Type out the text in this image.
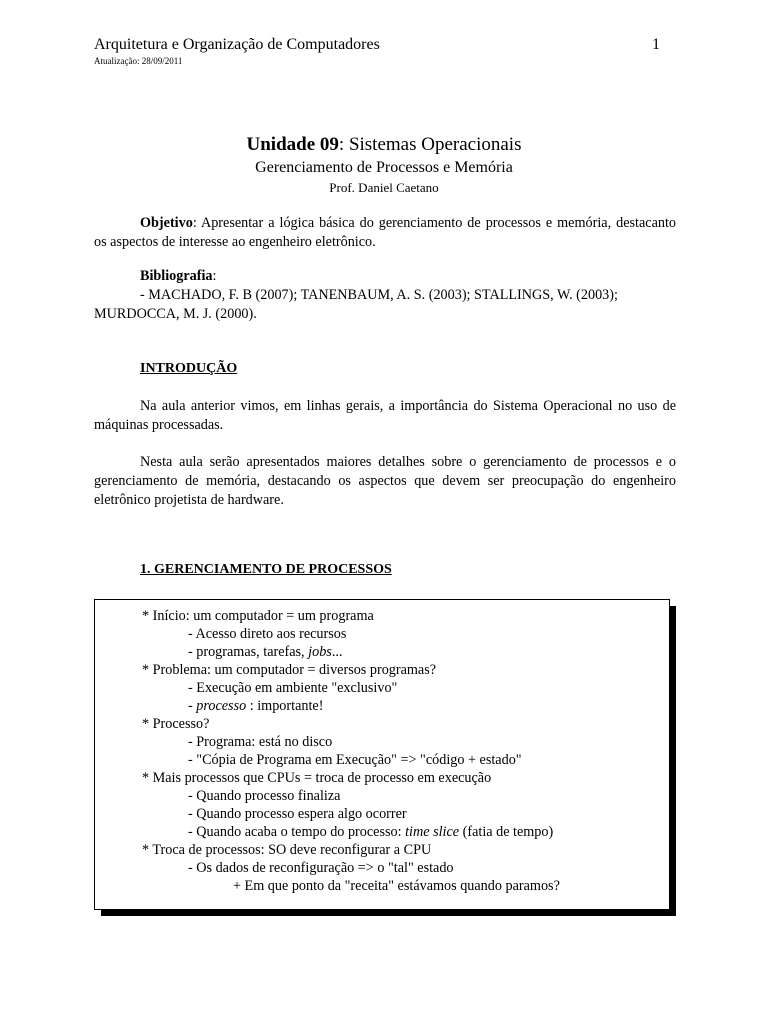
Arquitetura e Organização de Computadores	1
Atualização: 28/09/2011
Unidade 09: Sistemas Operacionais
Gerenciamento de Processos e Memória
Prof. Daniel Caetano
Objetivo: Apresentar a lógica básica do gerenciamento de processos e memória, destacanto os aspectos de interesse ao engenheiro eletrônico.
Bibliografia:
- MACHADO, F. B (2007); TANENBAUM, A. S. (2003); STALLINGS, W. (2003);
MURDOCCA, M. J. (2000).
INTRODUÇÃO
Na aula anterior vimos, em linhas gerais, a importância do Sistema Operacional no uso de máquinas processadas.
Nesta aula serão apresentados maiores detalhes sobre o gerenciamento de processos e o gerenciamento de memória, destacando os aspectos que devem ser preocupação do engenheiro eletrônico projetista de hardware.
1. GERENCIAMENTO DE PROCESSOS
* Início: um computador = um programa
- Acesso direto aos recursos
- programas, tarefas, jobs...
* Problema: um computador = diversos programas?
- Execução em ambiente "exclusivo"
- processo : importante!
* Processo?
- Programa: está no disco
- "Cópia de Programa em Execução" => "código + estado"
* Mais processos que CPUs = troca de processo em execução
- Quando processo finaliza
- Quando processo espera algo ocorrer
- Quando acaba o tempo do processo: time slice (fatia de tempo)
* Troca de processos: SO deve reconfigurar a CPU
- Os dados de reconfiguração => o "tal" estado
+ Em que ponto da "receita" estávamos quando paramos?
